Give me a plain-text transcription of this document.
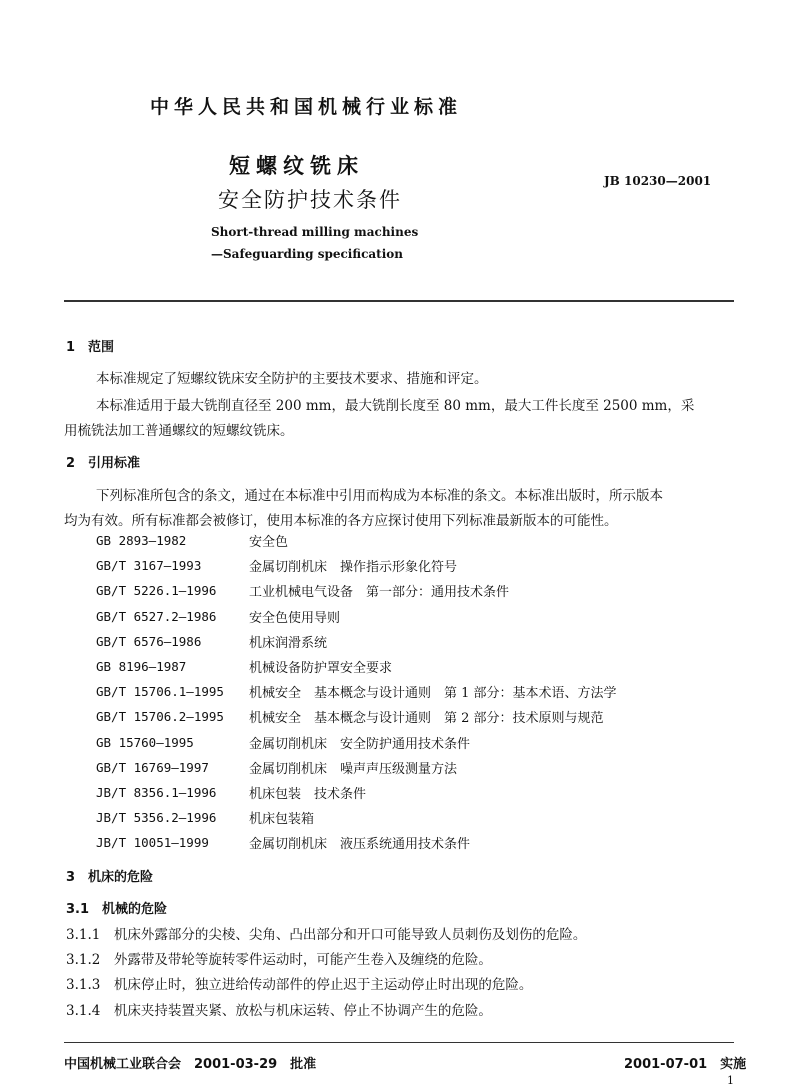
中华人民共和国机械行业标准
短螺纹铣床
安全防护技术条件
JB 10230—2001
Short-thread milling machines
—Safeguarding specification
1　范围
本标准规定了短螺纹铣床安全防护的主要技术要求、措施和评定。
本标准适用于最大铣削直径至 200 mm，最大铣削长度至 80 mm，最大工件长度至 2500 mm，采
用梳铣法加工普通螺纹的短螺纹铣床。
2　引用标准
下列标准所包含的条文，通过在本标准中引用而构成为本标准的条文。本标准出版时，所示版本
均为有效。所有标准都会被修订，使用本标准的各方应探讨使用下列标准最新版本的可能性。
GB 2893—1982	安全色
GB/T 3167—1993	金属切削机床　操作指示形象化符号
GB/T 5226.1—1996	工业机械电气设备　第一部分：通用技术条件
GB/T 6527.2—1986	安全色使用导则
GB/T 6576—1986	机床润滑系统
GB 8196—1987	机械设备防护罩安全要求
GB/T 15706.1—1995	机械安全　基本概念与设计通则　第 1 部分：基本术语、方法学
GB/T 15706.2—1995	机械安全　基本概念与设计通则　第 2 部分：技术原则与规范
GB 15760—1995	金属切削机床　安全防护通用技术条件
GB/T 16769—1997	金属切削机床　噪声声压级测量方法
JB/T 8356.1—1996	机床包装　技术条件
JB/T 5356.2—1996	机床包装箱
JB/T 10051—1999	金属切削机床　液压系统通用技术条件
3　机床的危险
3.1　机械的危险
3.1.1　机床外露部分的尖棱、尖角、凸出部分和开口可能导致人员刺伤及划伤的危险。
3.1.2　外露带及带轮等旋转零件运动时，可能产生卷入及缠绕的危险。
3.1.3　机床停止时，独立进给传动部件的停止迟于主运动停止时出现的危险。
3.1.4　机床夹持装置夹紧、放松与机床运转、停止不协调产生的危险。
中国机械工业联合会　2001-03-29　批准	2001-07-01　实施
1
